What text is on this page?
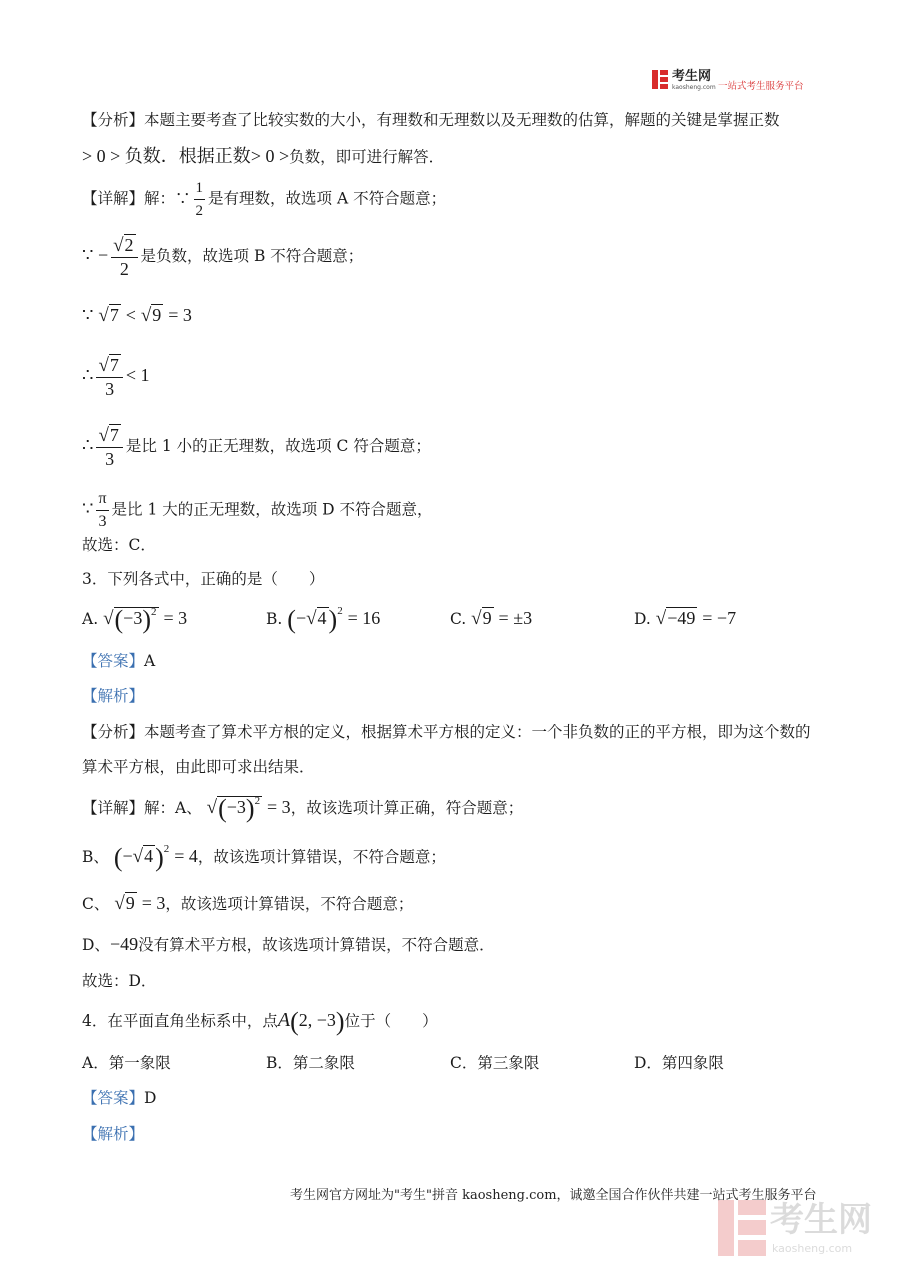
考生网
kaosheng.com 一站式考生服务平台
【分析】本题主要考查了比较实数的大小，有理数和无理数以及无理数的估算，解题的关键是掌握正数
> 0 > 负数．根据正数> 0 >负数，即可进行解答．
【详解】解：∵ $\frac{1}{2}$ 是有理数，故选项 A 不符合题意；
∵ − $\frac{√2}{2}$ 是负数，故选项 B 不符合题意；
∵ √7 < √9 = 3
∴ $\frac{√7}{3} < 1$
∴ $\frac{√7}{3}$ 是比 1 小的正无理数，故选项 C 符合题意；
∵ $\frac{\pi}{3}$ 是比 1 大的正无理数，故选项 D 不符合题意，
故选：C．
3．下列各式中，正确的是（　　）
A. $√(-3)^2 = 3$	B. $(-√4)^2 = 16$	C. √9 = ±3	D. √−49 = −7
【答案】A
【解析】
【分析】本题考查了算术平方根的定义，根据算术平方根的定义：一个非负数的正的平方根，即为这个数的
算术平方根，由此即可求出结果．
【详解】解：A、 $√(-3)^2 = 3$，故该选项计算正确，符合题意；
B、 $(-√4)^2 = 4$，故该选项计算错误，不符合题意；
C、 √9 = 3，故该选项计算错误，不符合题意；
D、−49没有算术平方根，故该选项计算错误，不符合题意．
故选：D．
4．在平面直角坐标系中，点A(2, −3)位于（　　）
A．第一象限	B．第二象限	C．第三象限	D．第四象限
【答案】D
【解析】
考生网官方网址为"考生"拼音 kaosheng.com，诚邀全国合作伙伴共建一站式考生服务平台
考生网
kaosheng.com
